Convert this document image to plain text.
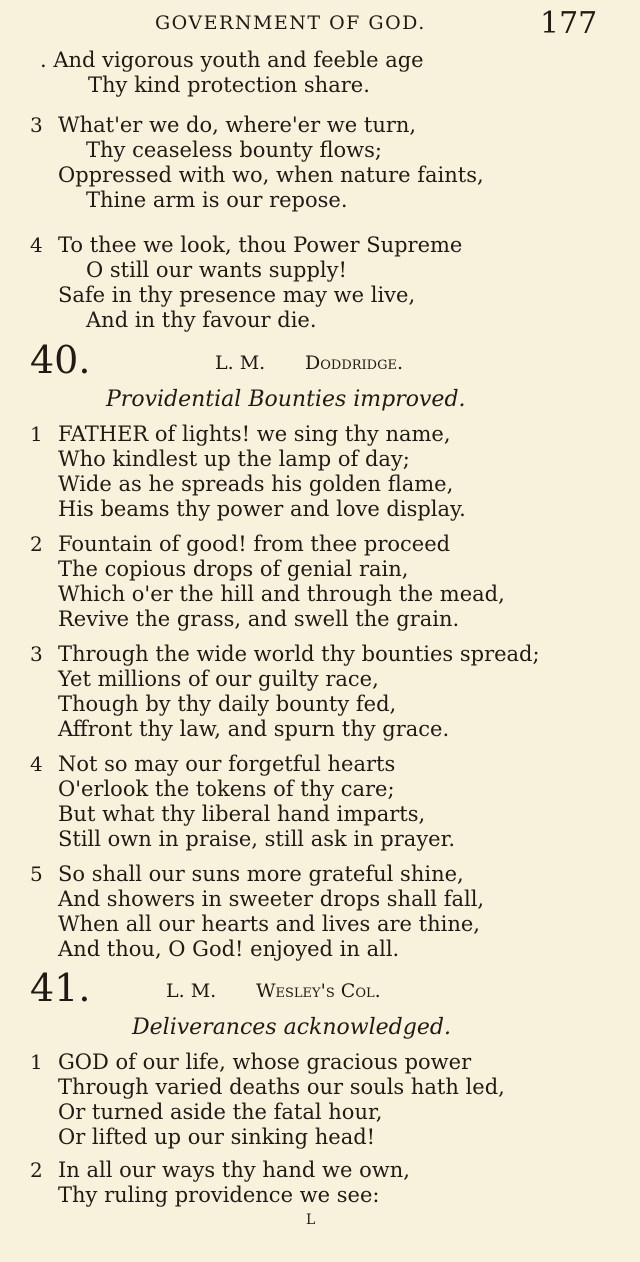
GOVERNMENT OF GOD.	177
. And vigorous youth and feeble age
Thy kind protection share.
3 What'er we do, where'er we turn,
Thy ceaseless bounty flows;
Oppressed with wo, when nature faints,
Thine arm is our repose.
4 To thee we look, thou Power Supreme
O still our wants supply!
Safe in thy presence may we live,
And in thy favour die.
40.	L. M. Doddridge.
Providential Bounties improved.
1 FATHER of lights! we sing thy name,
Who kindlest up the lamp of day;
Wide as he spreads his golden flame,
His beams thy power and love display.
2 Fountain of good! from thee proceed
The copious drops of genial rain,
Which o'er the hill and through the mead,
Revive the grass, and swell the grain.
3 Through the wide world thy bounties spread;
Yet millions of our guilty race,
Though by thy daily bounty fed,
Affront thy law, and spurn thy grace.
4 Not so may our forgetful hearts
O'erlook the tokens of thy care;
But what thy liberal hand imparts,
Still own in praise, still ask in prayer.
5 So shall our suns more grateful shine,
And showers in sweeter drops shall fall,
When all our hearts and lives are thine,
And thou, O God! enjoyed in all.
41.	L. M. Wesley's Col.
Deliverances acknowledged.
1 GOD of our life, whose gracious power
Through varied deaths our souls hath led,
Or turned aside the fatal hour,
Or lifted up our sinking head!
2 In all our ways thy hand we own,
Thy ruling providence we see:
L
